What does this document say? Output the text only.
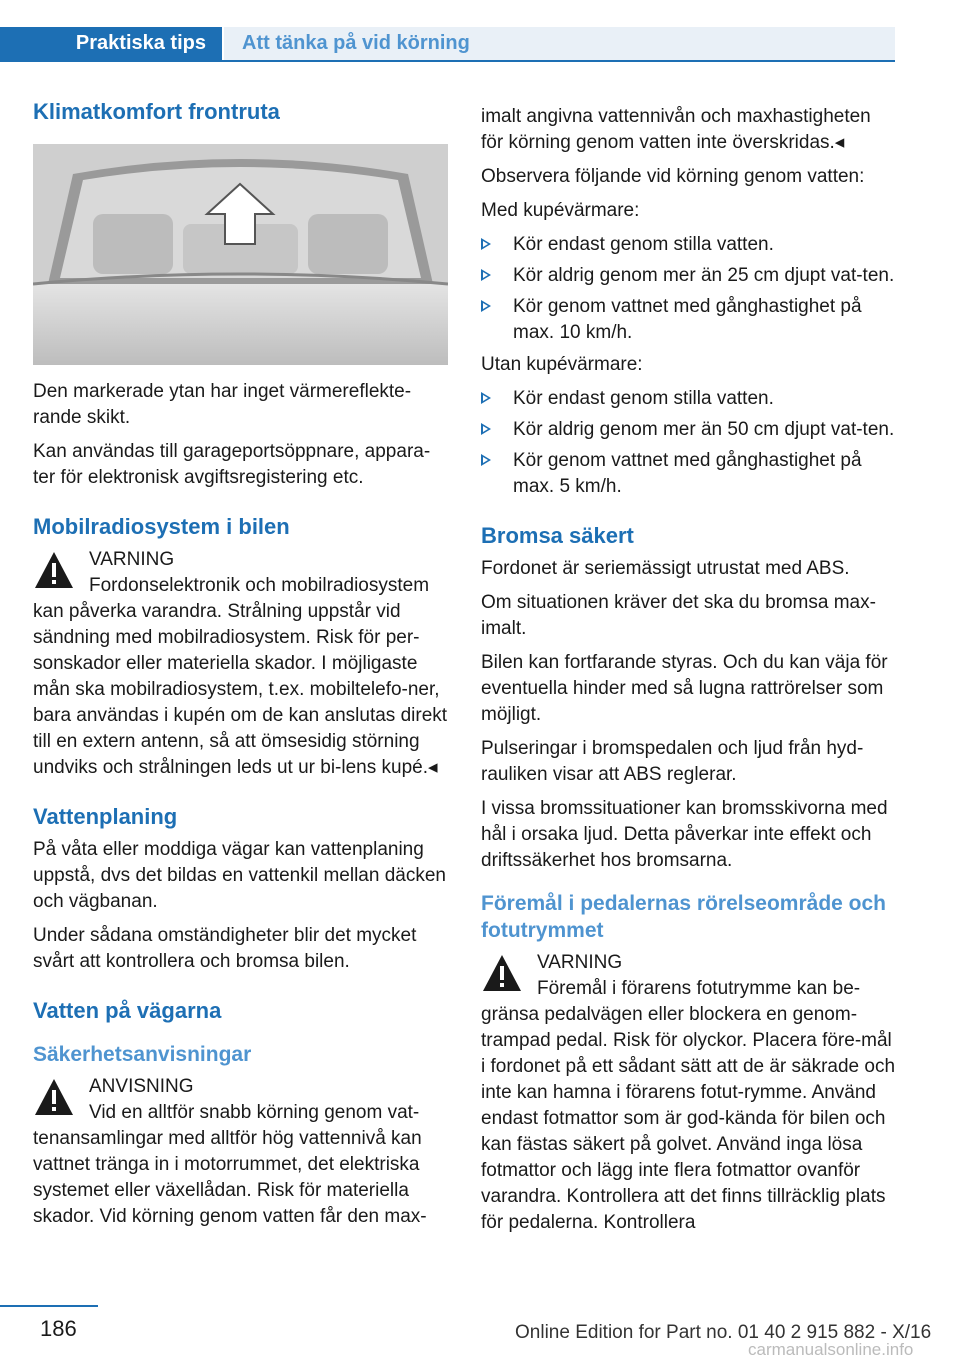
Praktiska tips	Att tänka på vid körning
Klimatkomfort frontruta

Den markerade ytan har inget värmereflekte-rande skikt.

Kan användas till garageportsöppnare, appara-ter för elektronisk avgiftsregistering etc.

Mobilradiosystem i bilen
VARNING
Fordonselektronik och mobilradiosystem kan påverka varandra. Strålning uppstår vid sändning med mobilradiosystem. Risk för per-sonskador eller materiella skador. I möjligaste mån ska mobilradiosystem, t.ex. mobiltelefo-ner, bara användas i kupén om de kan anslutas direkt till en extern antenn, så att ömsesidig störning undviks och strålningen leds ut ur bi-lens kupé.◂
Vattenplaning

På våta eller moddiga vägar kan vattenplaning uppstå, dvs det bildas en vattenkil mellan däcken och vägbanan.

Under sådana omständigheter blir det mycket svårt att kontrollera och bromsa bilen.

Vatten på vägarna
Säkerhetsanvisningar
ANVISNING
Vid en alltför snabb körning genom vat-tenansamlingar med alltför hög vattennivå kan vattnet tränga in i motorrummet, det elektriska systemet eller växellådan. Risk för materiella skador. Vid körning genom vatten får den max-

imalt angivna vattennivån och maxhastigheten för körning genom vatten inte överskridas.◂

Observera följande vid körning genom vatten:

Med kupévärmare:

Kör endast genom stilla vatten.
Kör aldrig genom mer än 25 cm djupt vat-ten.
Kör genom vattnet med gånghastighet på max. 10 km/h.

Utan kupévärmare:

Kör endast genom stilla vatten.
Kör aldrig genom mer än 50 cm djupt vat-ten.
Kör genom vattnet med gånghastighet på max. 5 km/h.
Bromsa säkert

Fordonet är seriemässigt utrustat med ABS.

Om situationen kräver det ska du bromsa max-imalt.

Bilen kan fortfarande styras. Och du kan väja för eventuella hinder med så lugna rattrörelser som möjligt.

Pulseringar i bromspedalen och ljud från hyd-rauliken visar att ABS reglerar.

I vissa bromssituationer kan bromsskivorna med hål i orsaka ljud. Detta påverkar inte effekt och driftssäkerhet hos bromsarna.

Föremål i pedalernas rörelseområde och fotutrymmet
VARNING
Föremål i förarens fotutrymme kan be-gränsa pedalvägen eller blockera en genom-trampad pedal. Risk för olyckor. Placera före-mål i fordonet på ett sådant sätt att de är säkrade och inte kan hamna i förarens fotut-rymme. Använd endast fotmattor som är god-kända för bilen och kan fästas säkert på golvet. Använd inga lösa fotmattor och lägg inte flera fotmattor ovanför varandra. Kontrollera att det finns tillräcklig plats för pedalerna. Kontrollera
186	Online Edition for Part no. 01 40 2 915 882 - X/16
carmanualsonline.info
